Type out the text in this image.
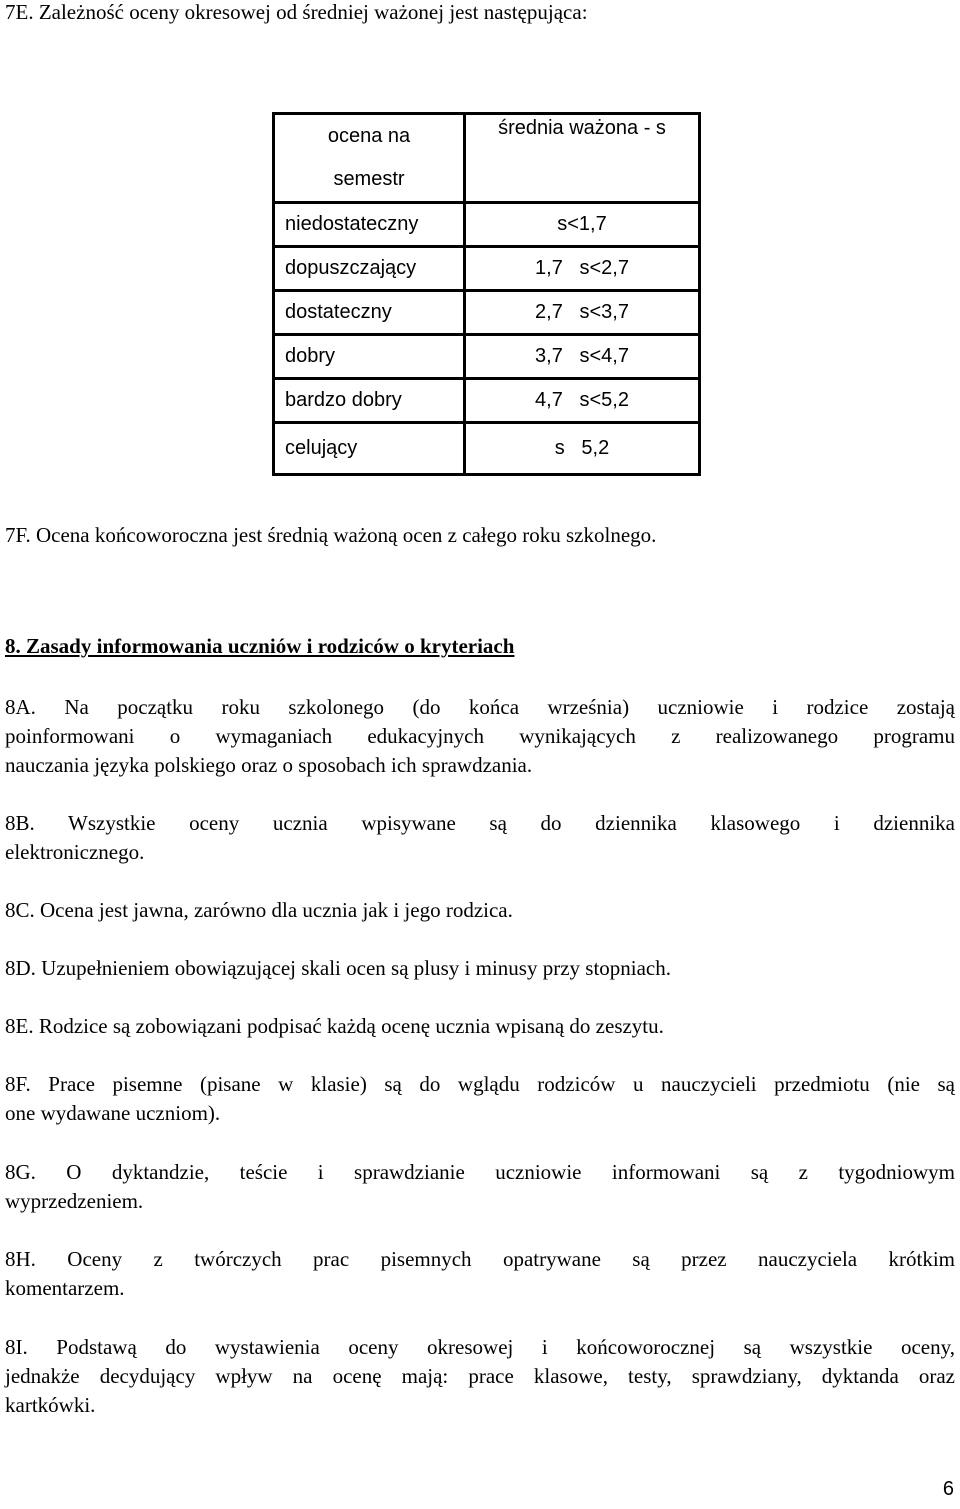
7E. Zależność oceny okresowej od średniej ważonej jest następująca:
ocena na
semestr	średnia ważona - s
niedostateczny	s<1,7
dopuszczający	1,7   s<2,7
dostateczny	2,7   s<3,7
dobry	3,7   s<4,7
bardzo dobry	4,7   s<5,2
celujący	s   5,2
7F. Ocena końcoworoczna jest średnią ważoną ocen z całego roku szkolnego.
8. Zasady informowania uczniów i rodziców o kryteriach
8A. Na początku roku szkolonego (do końca września) uczniowie i rodzice zostają
poinformowani o wymaganiach edukacyjnych wynikających z realizowanego programu
nauczania języka polskiego oraz o sposobach ich sprawdzania.
8B. Wszystkie oceny ucznia wpisywane są do dziennika klasowego i dziennika
elektronicznego.
8C. Ocena jest jawna, zarówno dla ucznia jak i jego rodzica.
8D. Uzupełnieniem obowiązującej skali ocen są plusy i minusy przy stopniach.
8E. Rodzice są zobowiązani podpisać każdą ocenę ucznia wpisaną do zeszytu.
8F. Prace pisemne (pisane w klasie) są do wglądu rodziców u nauczycieli przedmiotu (nie są
one wydawane uczniom).
8G. O dyktandzie, teście i sprawdzianie uczniowie informowani są z tygodniowym
wyprzedzeniem.
8H. Oceny z twórczych prac pisemnych opatrywane są przez nauczyciela krótkim
komentarzem.
8I. Podstawą do wystawienia oceny okresowej i końcoworocznej są wszystkie oceny,
jednakże decydujący wpływ na ocenę mają: prace klasowe, testy, sprawdziany, dyktanda oraz
kartkówki.
6
